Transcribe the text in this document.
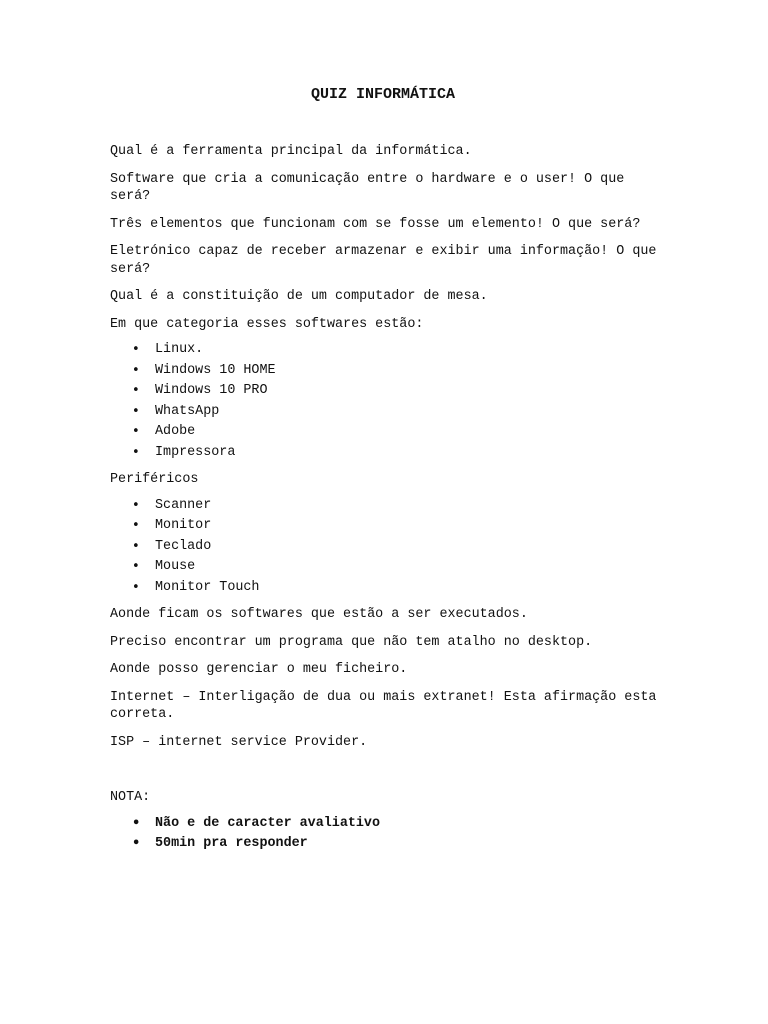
QUIZ INFORMÁTICA

Qual é a ferramenta principal da informática.

Software que cria a comunicação entre o hardware e o user! O que será?

Três elementos que funcionam com se fosse um elemento! O que será?

Eletrónico capaz de receber armazenar e exibir uma informação! O que será?

Qual é a constituição de um computador de mesa.

Em que categoria esses softwares estão:

• Linux.
• Windows 10 HOME
• Windows 10 PRO
• WhatsApp
• Adobe
• Impressora

Periféricos

• Scanner
• Monitor
• Teclado
• Mouse
• Monitor Touch

Aonde ficam os softwares que estão a ser executados.

Preciso encontrar um programa que não tem atalho no desktop.

Aonde posso gerenciar o meu ficheiro.

Internet – Interligação de dua ou mais extranet! Esta afirmação esta correta.

ISP – internet service Provider.

NOTA:

• Não e de caracter avaliativo
• 50min pra responder
